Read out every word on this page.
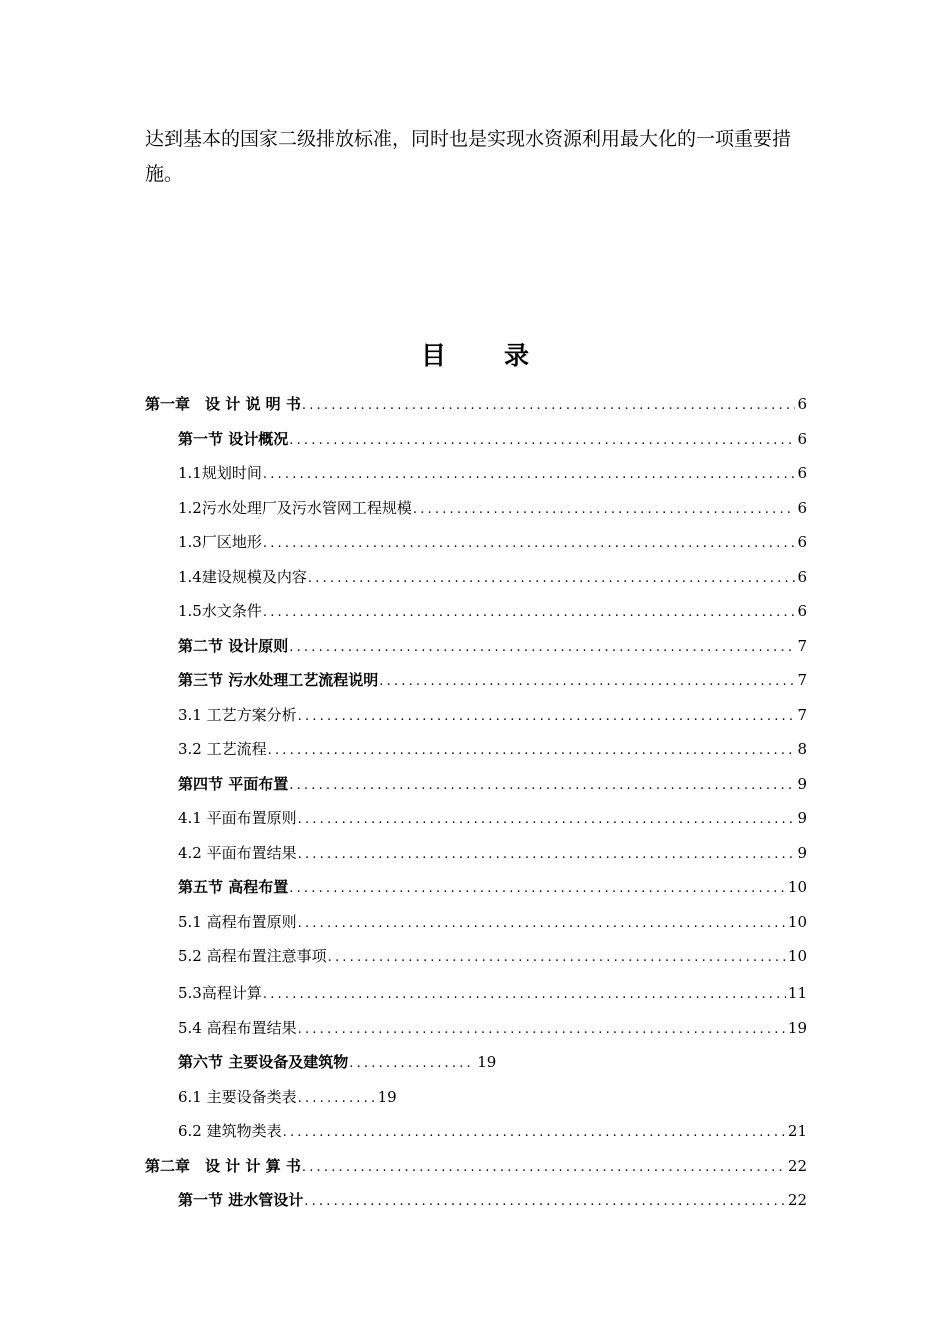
达到基本的国家二级排放标准，同时也是实现水资源利用最大化的一项重要措施。

目录
第一章　设 计 说 明 书 .....	6
第一节 设计概况 .....	6
1.1规划时间 .....	6
1.2污水处理厂及污水管网工程规模 .....	6
1.3厂区地形 .....	6
1.4建设规模及内容 .....	6
1.5水文条件 .....	6
第二节 设计原则 .....	7
第三节 污水处理工艺流程说明 .....	7
3.1 工艺方案分析 .....	7
3.2 工艺流程 .....	8
第四节 平面布置 .....	9
4.1 平面布置原则 .....	9
4.2 平面布置结果 .....	9
第五节 高程布置 .....	10
5.1 高程布置原则 .....	10
5.2 高程布置注意事项 .....	10
5.3高程计算 .....	11
5.4 高程布置结果 .....	19
第六节 主要设备及建筑物 .....	19
6.1 主要设备类表 .....	19
6.2 建筑物类表 .....	21
第二章　设 计 计 算 书 .....	22
第一节 进水管设计 .....	22
